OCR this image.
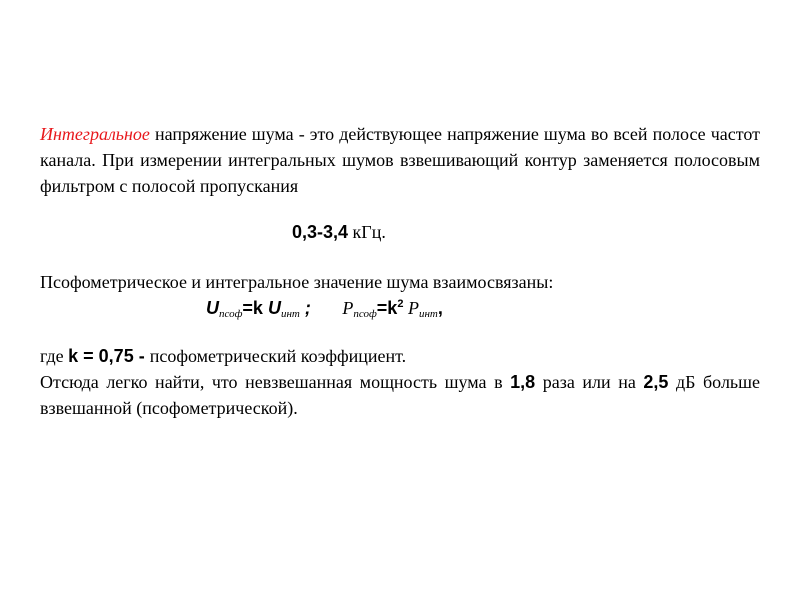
Интегральное напряжение шума - это действующее напряжение шума во всей полосе частот канала. При измерении интегральных шумов взвешивающий контур заменяется полосовым фильтром с полосой пропускания
0,3-3,4 кГц.
Псофометрическое и интегральное значение шума взаимосвязаны:
$U_{псоф}=k$ $U_{инт}$ ; $P_{псоф}=k^2$ $P_{инт}$,
где k = 0,75 - псофометрический коэффициент.
Отсюда легко найти, что невзвешанная мощность шума в 1,8 раза или на 2,5 дБ больше взвешанной (псофометрической).
